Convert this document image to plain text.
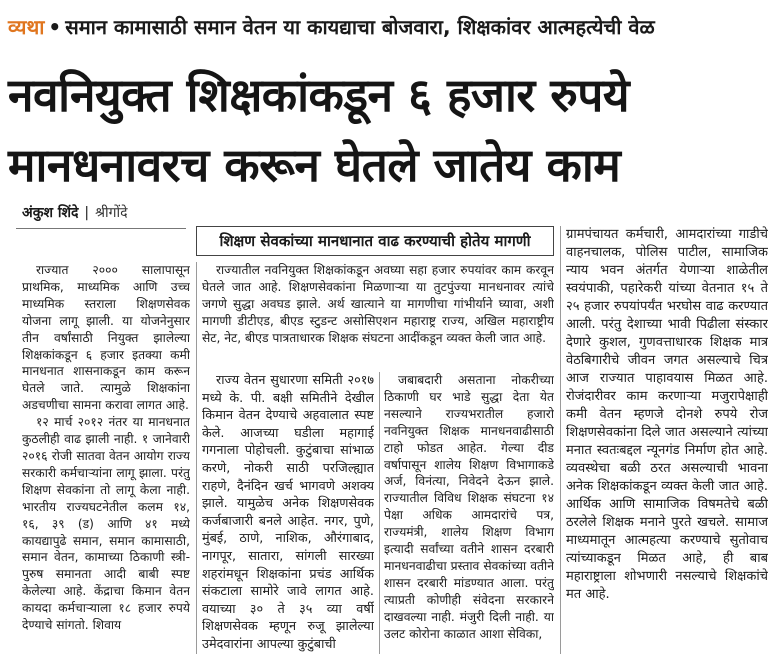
व्यथा • समान कामासाठी समान वेतन या कायद्याचा बोजवारा, शिक्षकांवर आत्महत्येची वेळ
नवनियुक्त शिक्षकांकडून ६ हजार रुपये
मानधनावरच करून घेतले जातेय काम
अंकुश शिंदे | श्रीगोंदे
शिक्षण सेवकांच्या मानधानात वाढ करण्याची होतेय मागणी

राज्यात २००० सालापासून प्राथमिक, माध्यमिक आणि उच्च माध्यमिक स्तराला शिक्षणसेवक योजना लागू झाली. या योजनेनुसार तीन वर्षांसाठी नियुक्त झालेल्या शिक्षकांकडून ६ हजार इतक्या कमी मानधनात शासनाकडून काम करून घेतले जाते. त्यामुळे शिक्षकांना अडचणीचा सामना करावा लागत आहे.

१२ मार्च २०१२ नंतर या मानधनात कुठलीही वाढ झाली नाही. १ जानेवारी २०१६ रोजी सातवा वेतन आयोग राज्य सरकारी कर्मचाऱ्यांना लागू झाला. परंतु शिक्षण सेवकांना तो लागू केला नाही. भारतीय राज्यघटनेतील कलम १४, १६, ३९ (ड) आणि ४१ मध्ये कायद्यापुढे समान, समान कामासाठी, समान वेतन, कामाच्या ठिकाणी स्त्री-पुरुष समानता आदी बाबी स्पष्ट केलेल्या आहे. केंद्राचा किमान वेतन कायदा कर्मचाऱ्याला १८ हजार रुपये देण्याचे सांगतो. शिवाय

राज्यातील नवनियुक्त शिक्षकांकडून अवघ्या सहा हजार रुपयांवर काम करवून घेतले जात आहे. शिक्षणसेवकांना मिळणाऱ्या या तुटपुंज्या मानधनावर त्यांचे जगणे सुद्धा अवघड झाले. अर्थ खात्याने या मागणीचा गांभीर्याने घ्यावा, अशी मागणी डीटीएड, बीएड स्टुडन्ट असोसिएशन महाराष्ट्र राज्य, अखिल महाराष्ट्रीय सेट, नेट, बीएड पात्रताधारक शिक्षक संघटना आदींकडून व्यक्त केली जात आहे.

राज्य वेतन सुधारणा समिती २०१७ मध्ये के. पी. बक्षी समितीने देखील किमान वेतन देण्याचे अहवालात स्पष्ट केले. आजच्या घडीला महागाई गगनाला पोहोचली. कुटुंबाचा सांभाळ करणे, नोकरी साठी परजिल्ह्यात राहणे, दैनंदिन खर्च भागवणे अशक्य झाले. यामुळेच अनेक शिक्षणसेवक कर्जबाजारी बनले आहेत. नगर, पुणे, मुंबई, ठाणे, नाशिक, औरंगाबाद, नागपूर, सातारा, सांगली सारख्या शहरांमधून शिक्षकांना प्रचंड आर्थिक संकटाला सामोरे जावे लागत आहे. वयाच्या ३० ते ३५ व्या वर्षी शिक्षणसेवक म्हणून रुजू झालेल्या उमेदवारांना आपल्या कुटुंबाची

जबाबदारी असताना नोकरीच्या ठिकाणी घर भाडे सुद्धा देता येत नसल्याने राज्यभरातील हजारो नवनियुक्त शिक्षक मानधनवाढीसाठी टाहो फोडत आहेत. गेल्या दीड वर्षापासून शालेय शिक्षण विभागाकडे अर्ज, विनंत्या, निवेदने देऊन झाले. राज्यातील विविध शिक्षक संघटना १४ पेक्षा अधिक आमदारांचे पत्र, राज्यमंत्री, शालेय शिक्षण विभाग इत्यादी सर्वांच्या वतीने शासन दरबारी मानधनवाढीचा प्रस्ताव सेवकांच्या वतीने शासन दरबारी मांडण्यात आला. परंतु त्याप्रती कोणीही संवेदना सरकारने दाखवल्या नाही. मंजुरी दिली नाही. या उलट कोरोना काळात आशा सेविका,

ग्रामपंचायत कर्मचारी, आमदारांच्या गाडीचे वाहनचालक, पोलिस पाटील, सामाजिक न्याय भवन अंतर्गत येणाऱ्या शाळेतील स्वयंपाकी, पहारेकरी यांच्या वेतनात १५ ते २५ हजार रुपयांपर्यंत भरघोस वाढ करण्यात आली. परंतु देशाच्या भावी पिढीला संस्कार देणारे कुशल, गुणवत्ताधारक शिक्षक मात्र वेठबिगारीचे जीवन जगत असल्याचे चित्र आज राज्यात पाहावयास मिळत आहे. रोजंदारीवर काम करणाऱ्या मजुरापेक्षाही कमी वेतन म्हणजे दोनशे रुपये रोज शिक्षणसेवकांना दिले जात असल्याने त्यांच्या मनात स्वतःबद्दल न्यूनगंड निर्माण होत आहे. व्यवस्थेचा बळी ठरत असल्याची भावना अनेक शिक्षकांकडून व्यक्त केली जात आहे. आर्थिक आणि सामाजिक विषमतेचे बळी ठरलेले शिक्षक मनाने पुरते खचले. सामाज माध्यमातून आत्महत्या करण्याचे सुतोवाच त्यांच्याकडून मिळत आहे, ही बाब महाराष्ट्राला शोभणारी नसल्याचे शिक्षकांचे मत आहे.
